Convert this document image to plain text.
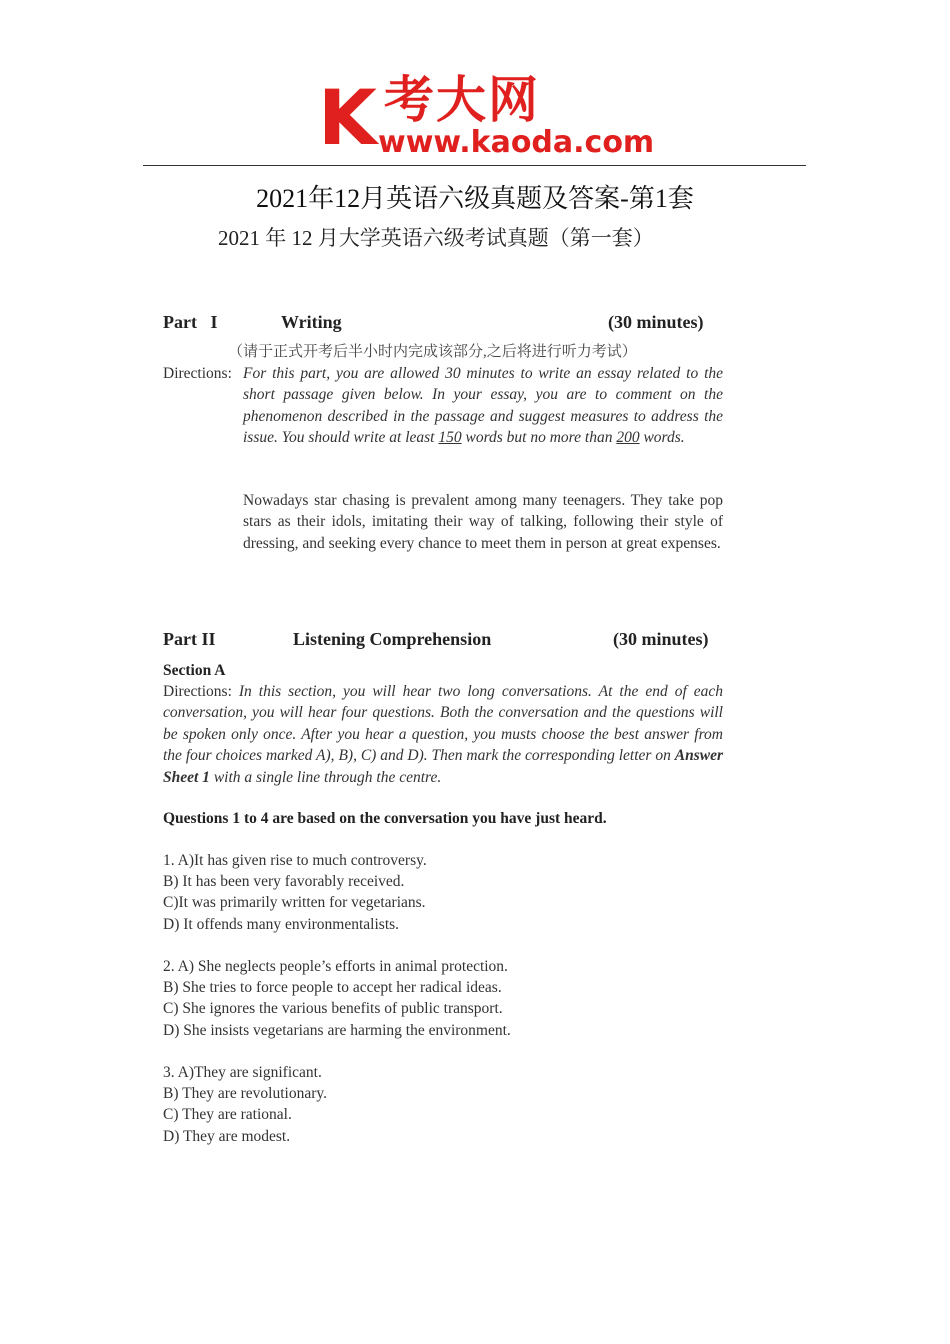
K 考大网
www.kaoda.com
2021年12月英语六级真题及答案-第1套
2021 年 12 月大学英语六级考试真题（第一套）
Part   I	Writing	(30 minutes)
（请于正式开考后半小时内完成该部分,之后将进行听力考试）
Directions: For this part, you are allowed 30 minutes to write an essay related to the short passage given below. In your essay, you are to comment on the phenomenon described in the passage and suggest measures to address the issue. You should write at least 150 words but no more than 200 words.
Nowadays star chasing is prevalent among many teenagers. They take pop stars as their idols, imitating their way of talking, following their style of dressing, and seeking every chance to meet them in person at great expenses.
Part II	Listening Comprehension	(30 minutes)
Section A
Directions: In this section, you will hear two long conversations. At the end of each conversation, you will hear four questions. Both the conversation and the questions will be spoken only once. After you hear a question, you musts choose the best answer from the four choices marked A), B), C) and D). Then mark the corresponding letter on Answer Sheet 1 with a single line through the centre.
Questions 1 to 4 are based on the conversation you have just heard.
1. A)It has given rise to much controversy.
B) It has been very favorably received.
C)It was primarily written for vegetarians.
D) It offends many environmentalists.
2. A) She neglects people’s efforts in animal protection.
B) She tries to force people to accept her radical ideas.
C) She ignores the various benefits of public transport.
D) She insists vegetarians are harming the environment.
3. A)They are significant.
B) They are revolutionary.
C) They are rational.
D) They are modest.
